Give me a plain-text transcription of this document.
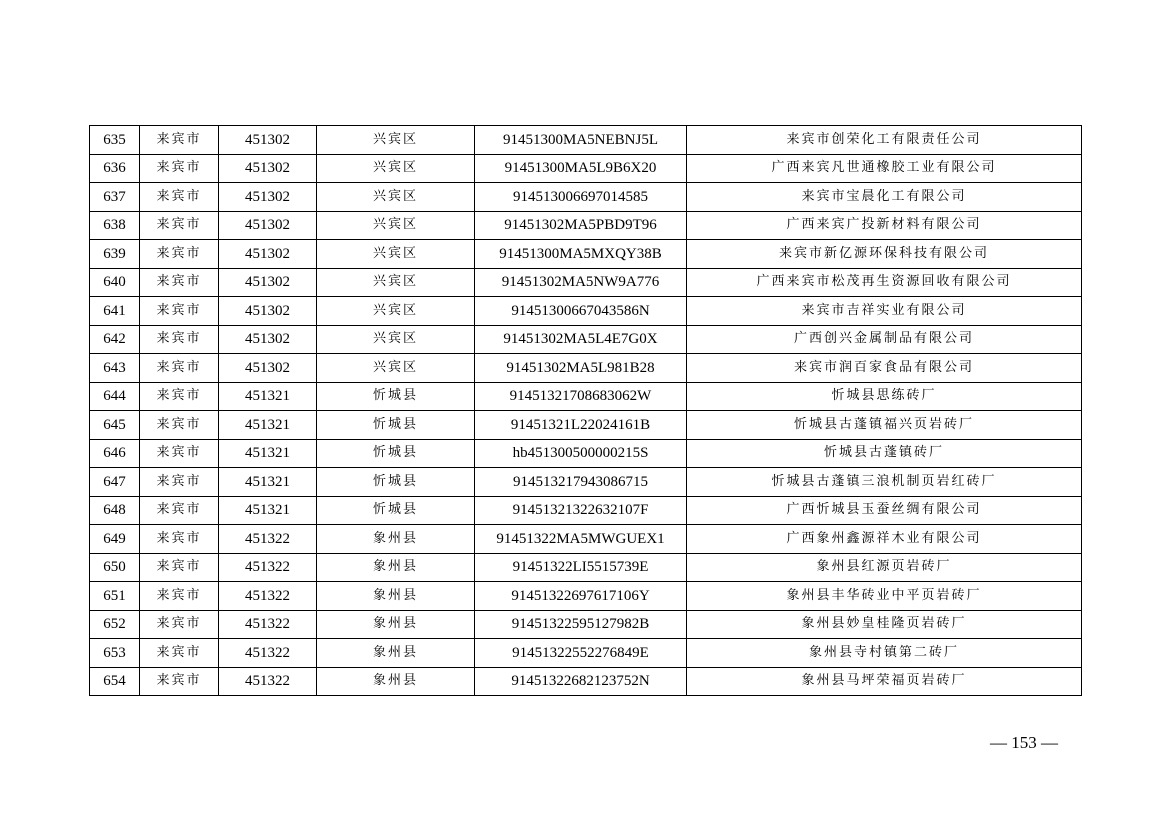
635	来宾市	451302	兴宾区	91451300MA5NEBNJ5L	来宾市创荣化工有限责任公司
636	来宾市	451302	兴宾区	91451300MA5L9B6X20	广西来宾凡世通橡胶工业有限公司
637	来宾市	451302	兴宾区	914513006697014585	来宾市宝晨化工有限公司
638	来宾市	451302	兴宾区	91451302MA5PBD9T96	广西来宾广投新材料有限公司
639	来宾市	451302	兴宾区	91451300MA5MXQY38B	来宾市新亿源环保科技有限公司
640	来宾市	451302	兴宾区	91451302MA5NW9A776	广西来宾市松茂再生资源回收有限公司
641	来宾市	451302	兴宾区	91451300667043586N	来宾市吉祥实业有限公司
642	来宾市	451302	兴宾区	91451302MA5L4E7G0X	广西创兴金属制品有限公司
643	来宾市	451302	兴宾区	91451302MA5L981B28	来宾市润百家食品有限公司
644	来宾市	451321	忻城县	91451321708683062W	忻城县思练砖厂
645	来宾市	451321	忻城县	91451321L22024161B	忻城县古蓬镇福兴页岩砖厂
646	来宾市	451321	忻城县	hb451300500000215S	忻城县古蓬镇砖厂
647	来宾市	451321	忻城县	914513217943086715	忻城县古蓬镇三浪机制页岩红砖厂
648	来宾市	451321	忻城县	91451321322632107F	广西忻城县玉蚕丝绸有限公司
649	来宾市	451322	象州县	91451322MA5MWGUEX1	广西象州鑫源祥木业有限公司
650	来宾市	451322	象州县	91451322LI5515739E	象州县红源页岩砖厂
651	来宾市	451322	象州县	91451322697617106Y	象州县丰华砖业中平页岩砖厂
652	来宾市	451322	象州县	91451322595127982B	象州县妙皇桂隆页岩砖厂
653	来宾市	451322	象州县	91451322552276849E	象州县寺村镇第二砖厂
654	来宾市	451322	象州县	91451322682123752N	象州县马坪荣福页岩砖厂
— 153 —
